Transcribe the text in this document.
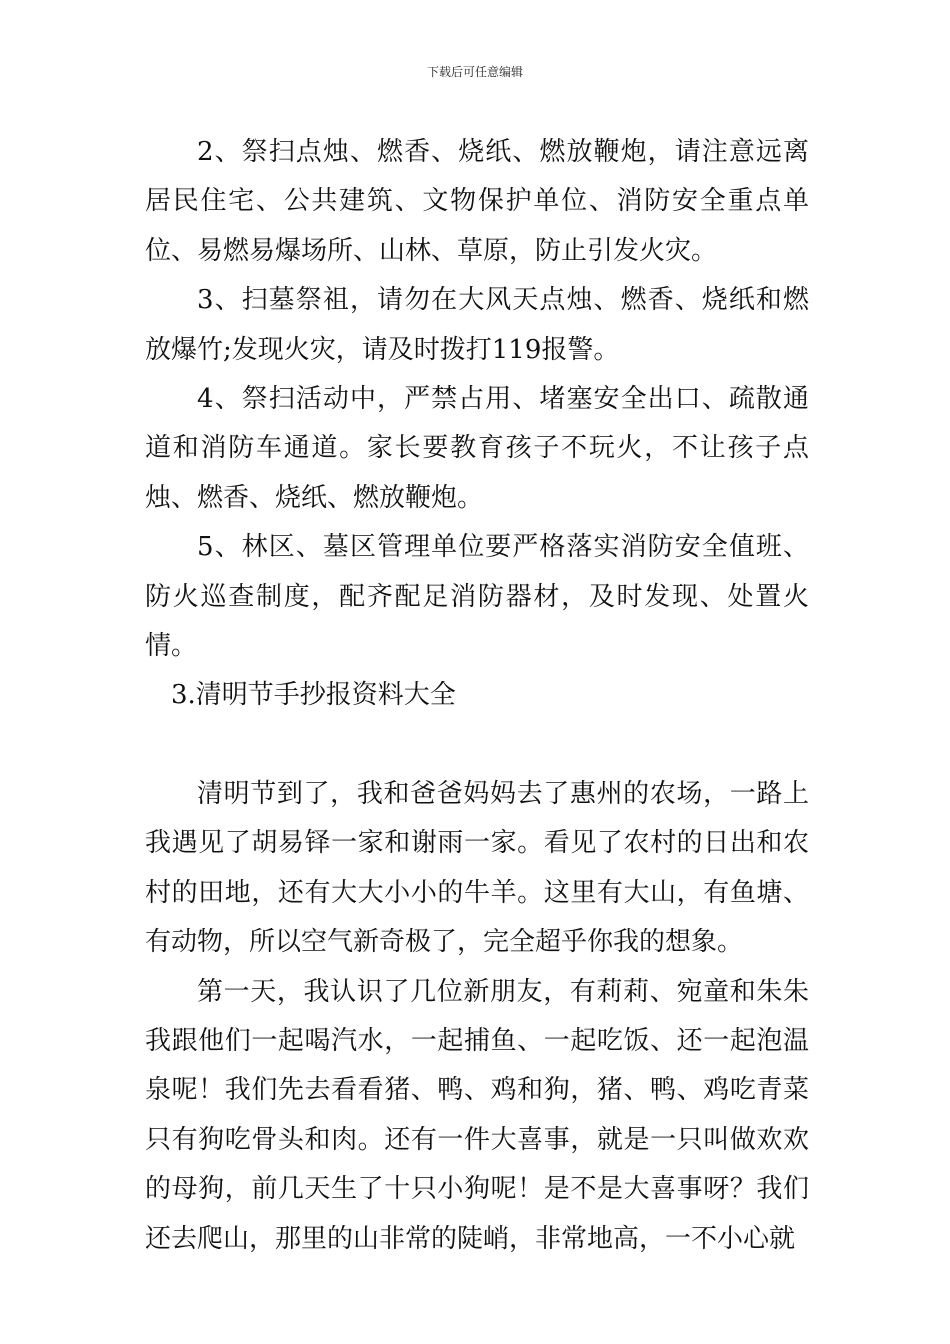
下载后可任意编辑

2、祭扫点烛、燃香、烧纸、燃放鞭炮，请注意远离居民住宅、公共建筑、文物保护单位、消防安全重点单位、易燃易爆场所、山林、草原，防止引发火灾。

3、扫墓祭祖，请勿在大风天点烛、燃香、烧纸和燃放爆竹;发现火灾，请及时拨打119报警。

4、祭扫活动中，严禁占用、堵塞安全出口、疏散通道和消防车通道。家长要教育孩子不玩火，不让孩子点烛、燃香、烧纸、燃放鞭炮。

5、林区、墓区管理单位要严格落实消防安全值班、防火巡查制度，配齐配足消防器材，及时发现、处置火情。

3.清明节手抄报资料大全

清明节到了，我和爸爸妈妈去了惠州的农场，一路上我遇见了胡易铎一家和谢雨一家。看见了农村的日出和农村的田地，还有大大小小的牛羊。这里有大山，有鱼塘、有动物，所以空气新奇极了，完全超乎你我的想象。

第一天，我认识了几位新朋友，有莉莉、宛童和朱朱我跟他们一起喝汽水，一起捕鱼、一起吃饭、还一起泡温泉呢！我们先去看看猪、鸭、鸡和狗，猪、鸭、鸡吃青菜只有狗吃骨头和肉。还有一件大喜事，就是一只叫做欢欢的母狗，前几天生了十只小狗呢！是不是大喜事呀？我们还去爬山，那里的山非常的陡峭，非常地高，一不小心就
